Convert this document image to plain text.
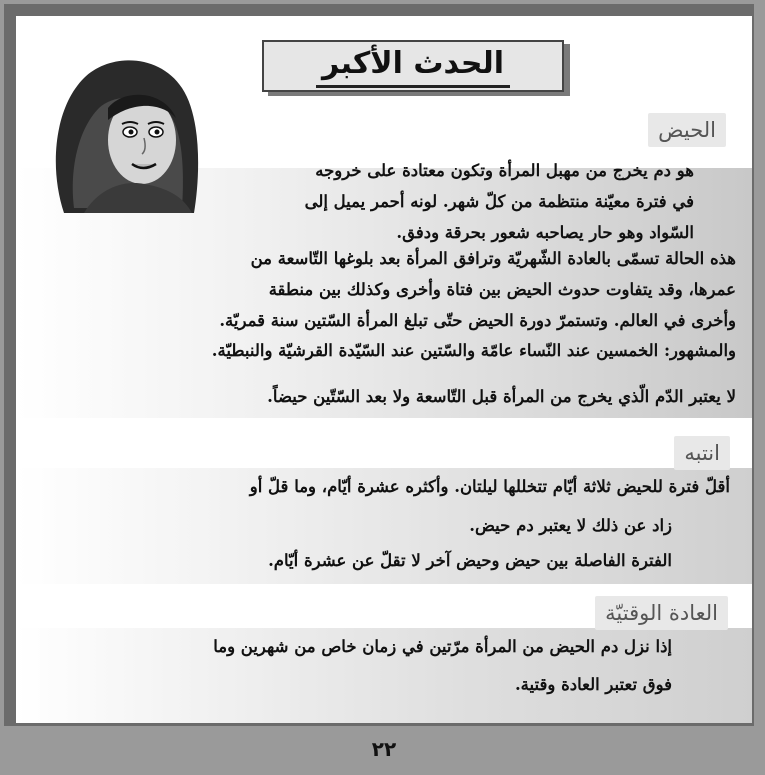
الحدث الأكبر
الحيض
هو دم يخرج من مهبل المرأة وتكون معتادة على خروجه
في فترة معيّنة منتظمة من كلّ شهر. لونه أحمر يميل إلى
السّواد وهو حار يصاحبه شعور بحرقة ودفق.
هذه الحالة تسمّى بالعادة الشّهريّة وترافق المرأة بعد بلوغها التّاسعة من
عمرها، وقد يتفاوت حدوث الحيض بين فتاة وأخرى وكذلك بين منطقة
وأخرى في العالم. وتستمرّ دورة الحيض حتّى تبلغ المرأة السّتين سنة قمريّة.
والمشهور: الخمسين عند النّساء عامّة والسّتين عند السّيّدة القرشيّة والنبطيّة.
لا يعتبر الدّم الّذي يخرج من المرأة قبل التّاسعة ولا بعد السّتّين حيضاً.
انتبه
أقلّ فترة للحيض ثلاثة أيّام تتخللها ليلتان. وأكثره عشرة أيّام، وما قلّ أو
زاد عن ذلك لا يعتبر دم حيض.
الفترة الفاصلة بين حيض وحيض آخر لا تقلّ عن عشرة أيّام.
العادة الوقتيّة
إذا نزل دم الحيض من المرأة مرّتين في زمان خاص من شهرين وما
فوق تعتبر العادة وقتية.
٢٢
